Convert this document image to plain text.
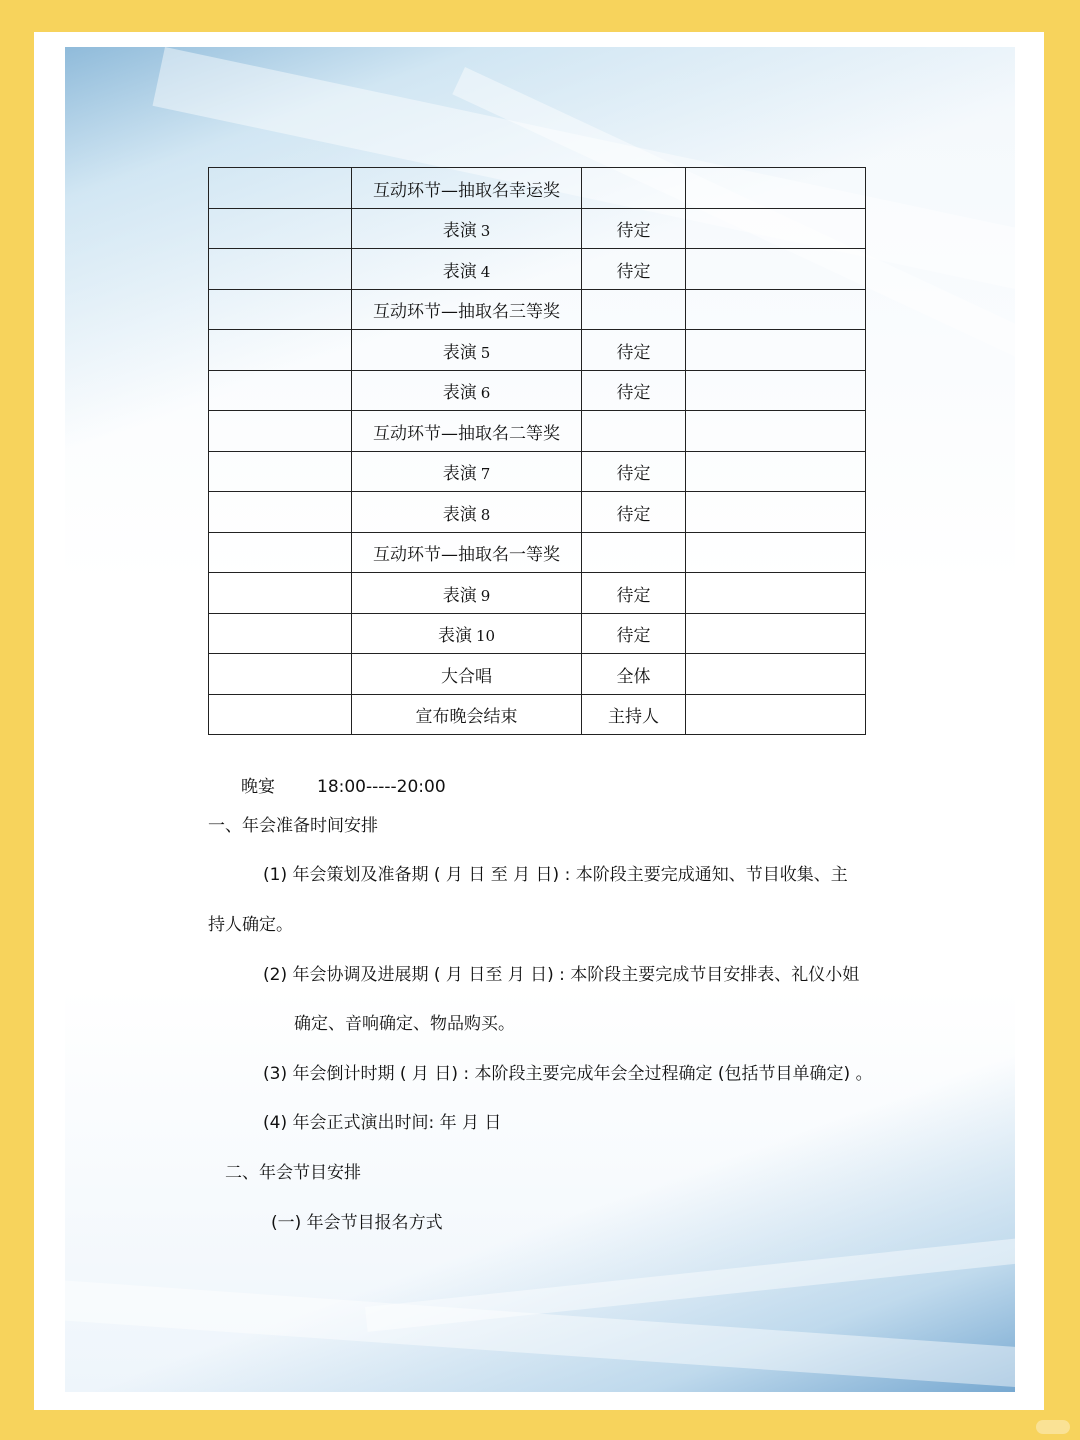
	互动环节—抽取名幸运奖		
	表演 3	待定	
	表演 4	待定	
	互动环节—抽取名三等奖		
	表演 5	待定	
	表演 6	待定	
	互动环节—抽取名二等奖		
	表演 7	待定	
	表演 8	待定	
	互动环节—抽取名一等奖		
	表演 9	待定	
	表演 10	待定	
	大合唱	全体	
	宣布晚会结束	主持人	
晚宴 18:00-----20:00
一、年会准备时间安排
(1) 年会策划及准备期 ( 月 日 至 月 日) : 本阶段主要完成通知、节目收集、主
持人确定。
(2) 年会协调及进展期 ( 月 日至 月 日) : 本阶段主要完成节目安排表、礼仪小姐
确定、音响确定、物品购买。
(3) 年会倒计时期 ( 月 日) : 本阶段主要完成年会全过程确定 (包括节目单确定) 。
(4) 年会正式演出时间: 年 月 日
二、年会节目安排
(一) 年会节目报名方式
